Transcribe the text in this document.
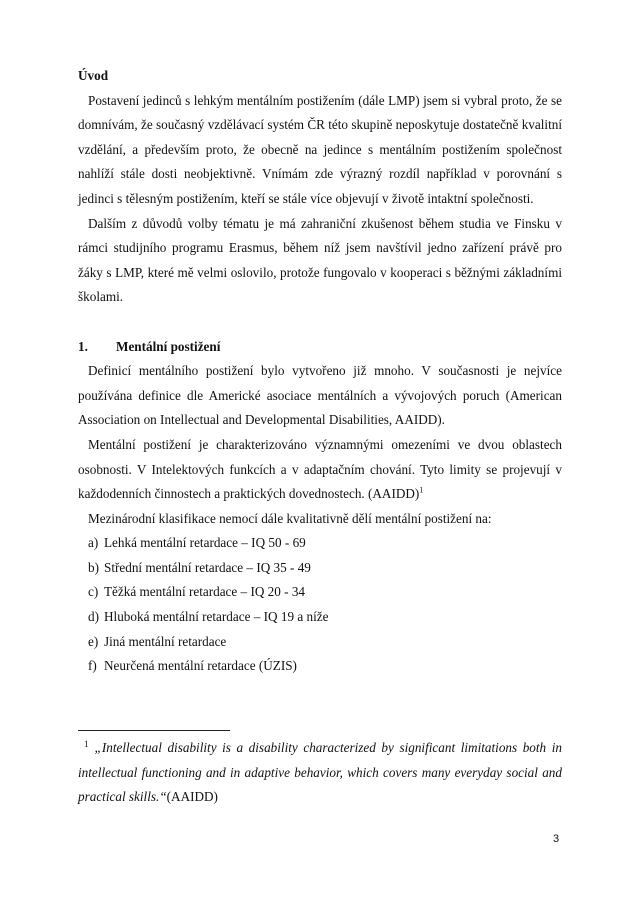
Úvod

Postavení jedinců s lehkým mentálním postižením (dále LMP) jsem si vybral proto, že se domnívám, že současný vzdělávací systém ČR této skupině neposkytuje dostatečně kvalitní vzdělání, a především proto, že obecně na jedince s mentálním postižením společnost nahlíží stále dosti neobjektivně. Vnímám zde výrazný rozdíl například v porovnání s jedinci s tělesným postižením, kteří se stále více objevují v životě intaktní společnosti.

Dalším z důvodů volby tématu je má zahraniční zkušenost během studia ve Finsku v rámci studijního programu Erasmus, během níž jsem navštívil jedno zařízení právě pro žáky s LMP, které mě velmi oslovilo, protože fungovalo v kooperaci s běžnými základními školami.

1.	Mentální postižení

Definicí mentálního postižení bylo vytvořeno již mnoho. V současnosti je nejvíce používána definice dle Americké asociace mentálních a vývojových poruch (American Association on Intellectual and Developmental Disabilities, AAIDD).

Mentální postižení je charakterizováno významnými omezeními ve dvou oblastech osobnosti. V Intelektových funkcích a v adaptačním chování. Tyto limity se projevují v každodenních činnostech a praktických dovednostech. (AAIDD)$^1$

Mezinárodní klasifikace nemocí dále kvalitativně dělí mentální postižení na:

a) Lehká mentální retardace – IQ 50 - 69
b) Střední mentální retardace – IQ 35 - 49
c) Těžká mentální retardace – IQ 20 - 34
d) Hluboká mentální retardace – IQ 19 a níže
e) Jiná mentální retardace
f) Neurčená mentální retardace (ÚZIS)
1 „Intellectual disability is a disability characterized by significant limitations both in intellectual functioning and in adaptive behavior, which covers many everyday social and practical skills.“(AAIDD)
3
